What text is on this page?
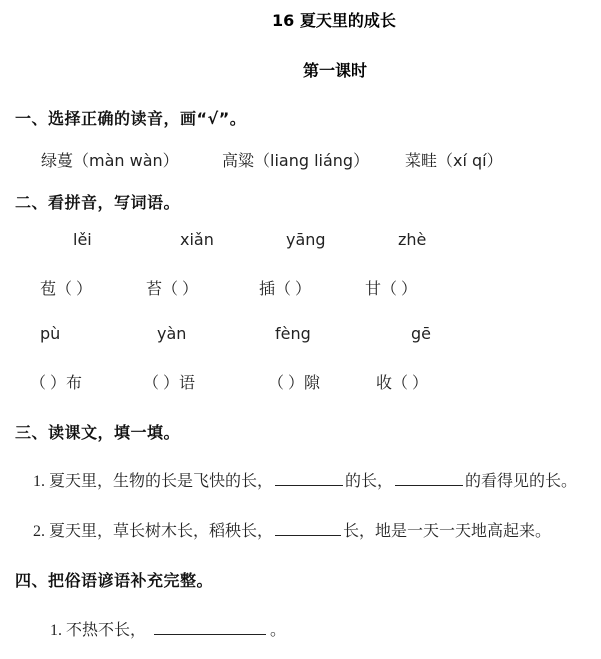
16 夏天里的成长
第一课时
一、选择正确的读音，画“√”。
绿蔓（màn wàn）	高粱（liang liáng） 菜畦（xí qí）
二、看拼音，写词语。
lěi	xiǎn	yāng	zhè
苞（ ）	苔（ ）	插（ ）	甘（ ）
pù	yàn	fèng	gē
（ ）布	（ ）语	（ ）隙	收（ ）
三、读课文，填一填。
1. 夏天里，生物的长是飞快的长，	的长，	的看得见的长。
2. 夏天里，草长树木长，稻秧长，	长，地是一天一天地高起来。
四、把俗语谚语补充完整。
1. 不热不长，	。
